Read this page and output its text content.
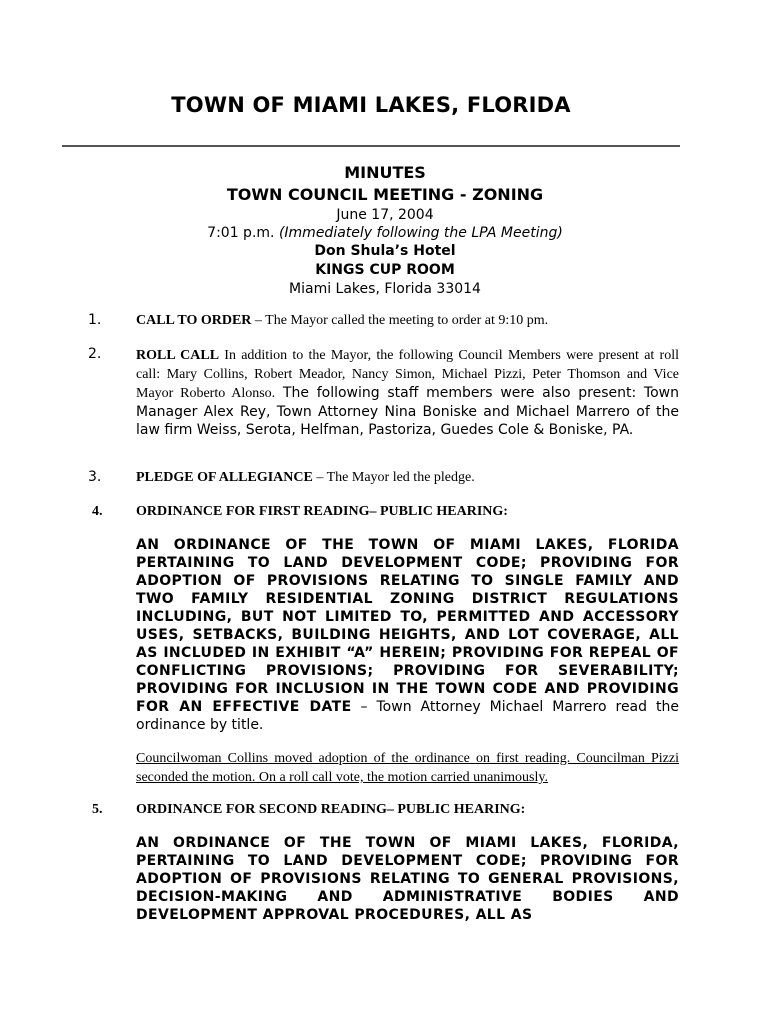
TOWN OF MIAMI LAKES, FLORIDA
MINUTES
TOWN COUNCIL MEETING - ZONING
June 17, 2004
7:01 p.m. (Immediately following the LPA Meeting)
Don Shula’s Hotel
KINGS CUP ROOM
Miami Lakes, Florida 33014
1. CALL TO ORDER – The Mayor called the meeting to order at 9:10 pm.
2. ROLL CALL In addition to the Mayor, the following Council Members were present at roll call: Mary Collins, Robert Meador, Nancy Simon, Michael Pizzi, Peter Thomson and Vice Mayor Roberto Alonso. The following staff members were also present: Town Manager Alex Rey, Town Attorney Nina Boniske and Michael Marrero of the law firm Weiss, Serota, Helfman, Pastoriza, Guedes Cole & Boniske, PA.
3. PLEDGE OF ALLEGIANCE – The Mayor led the pledge.
4. ORDINANCE FOR FIRST READING– PUBLIC HEARING:
AN ORDINANCE OF THE TOWN OF MIAMI LAKES, FLORIDA PERTAINING TO LAND DEVELOPMENT CODE; PROVIDING FOR ADOPTION OF PROVISIONS RELATING TO SINGLE FAMILY AND TWO FAMILY RESIDENTIAL ZONING DISTRICT REGULATIONS INCLUDING, BUT NOT LIMITED TO, PERMITTED AND ACCESSORY USES, SETBACKS, BUILDING HEIGHTS, AND LOT COVERAGE, ALL AS INCLUDED IN EXHIBIT “A” HEREIN; PROVIDING FOR REPEAL OF CONFLICTING PROVISIONS; PROVIDING FOR SEVERABILITY; PROVIDING FOR INCLUSION IN THE TOWN CODE AND PROVIDING FOR AN EFFECTIVE DATE – Town Attorney Michael Marrero read the ordinance by title.
Councilwoman Collins moved adoption of the ordinance on first reading. Councilman Pizzi seconded the motion. On a roll call vote, the motion carried unanimously.
5. ORDINANCE FOR SECOND READING– PUBLIC HEARING:
AN ORDINANCE OF THE TOWN OF MIAMI LAKES, FLORIDA, PERTAINING TO LAND DEVELOPMENT CODE; PROVIDING FOR ADOPTION OF PROVISIONS RELATING TO GENERAL PROVISIONS, DECISION-MAKING AND ADMINISTRATIVE BODIES AND DEVELOPMENT APPROVAL PROCEDURES, ALL AS
